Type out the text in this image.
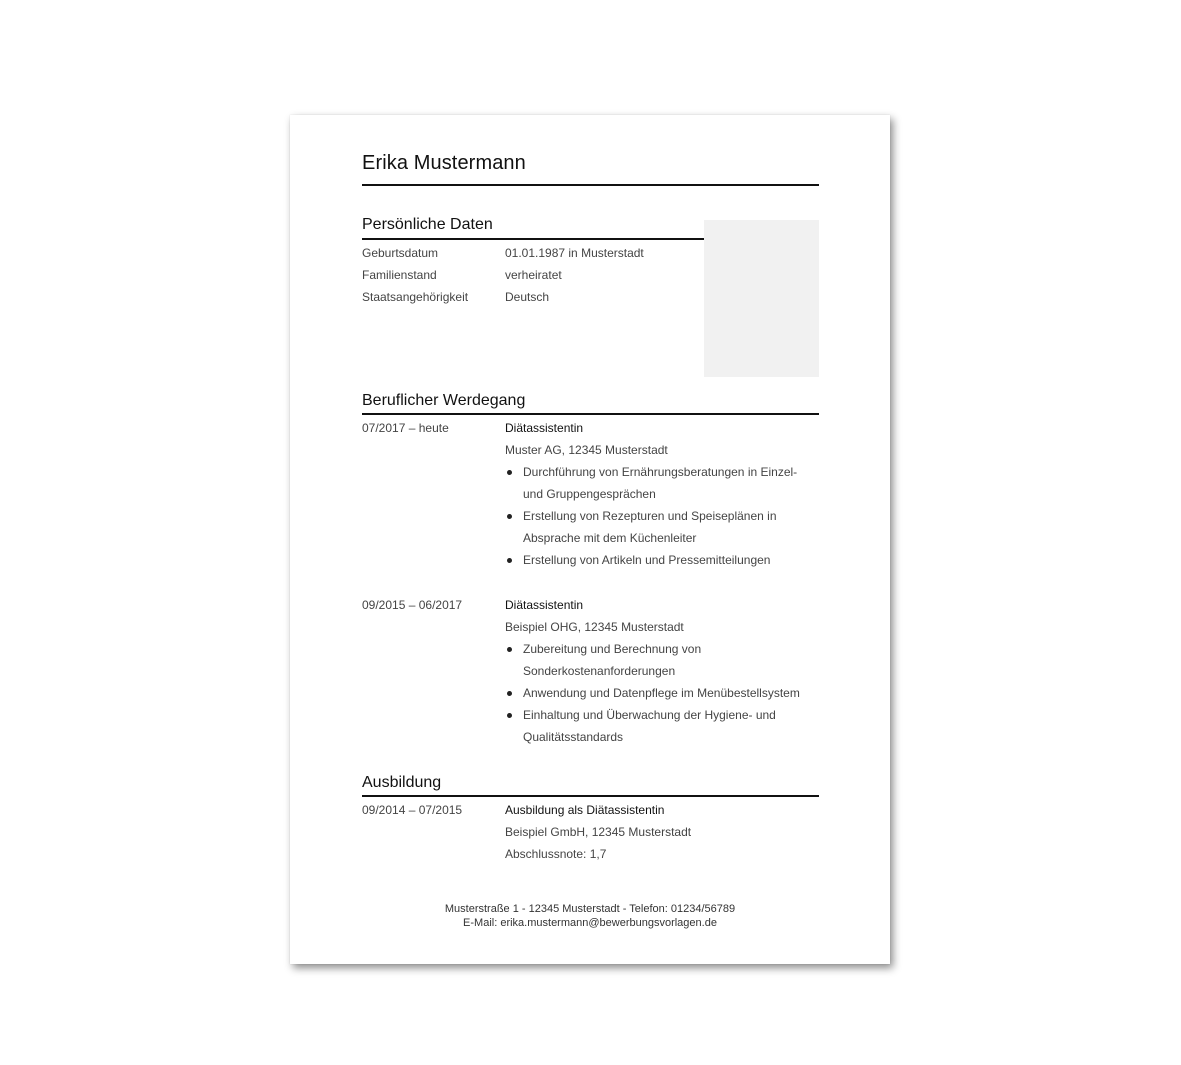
Erika Mustermann
Persönliche Daten
Geburtsdatum	01.01.1987 in Musterstadt
Familienstand	verheiratet
Staatsangehörigkeit	Deutsch
Beruflicher Werdegang
07/2017 – heute	Diätassistentin
Muster AG, 12345 Musterstadt
Durchführung von Ernährungsberatungen in Einzel- und Gruppengesprächen
Erstellung von Rezepturen und Speiseplänen in Absprache mit dem Küchenleiter
Erstellung von Artikeln und Pressemitteilungen
09/2015 – 06/2017	Diätassistentin
Beispiel OHG, 12345 Musterstadt
Zubereitung und Berechnung von Sonderkostenanforderungen
Anwendung und Datenpflege im Menübestellsystem
Einhaltung und Überwachung der Hygiene- und Qualitätsstandards
Ausbildung
09/2014 – 07/2015	Ausbildung als Diätassistentin
Beispiel GmbH, 12345 Musterstadt
Abschlussnote: 1,7
Musterstraße 1 - 12345 Musterstadt - Telefon: 01234/56789
E-Mail: erika.mustermann@bewerbungsvorlagen.de
